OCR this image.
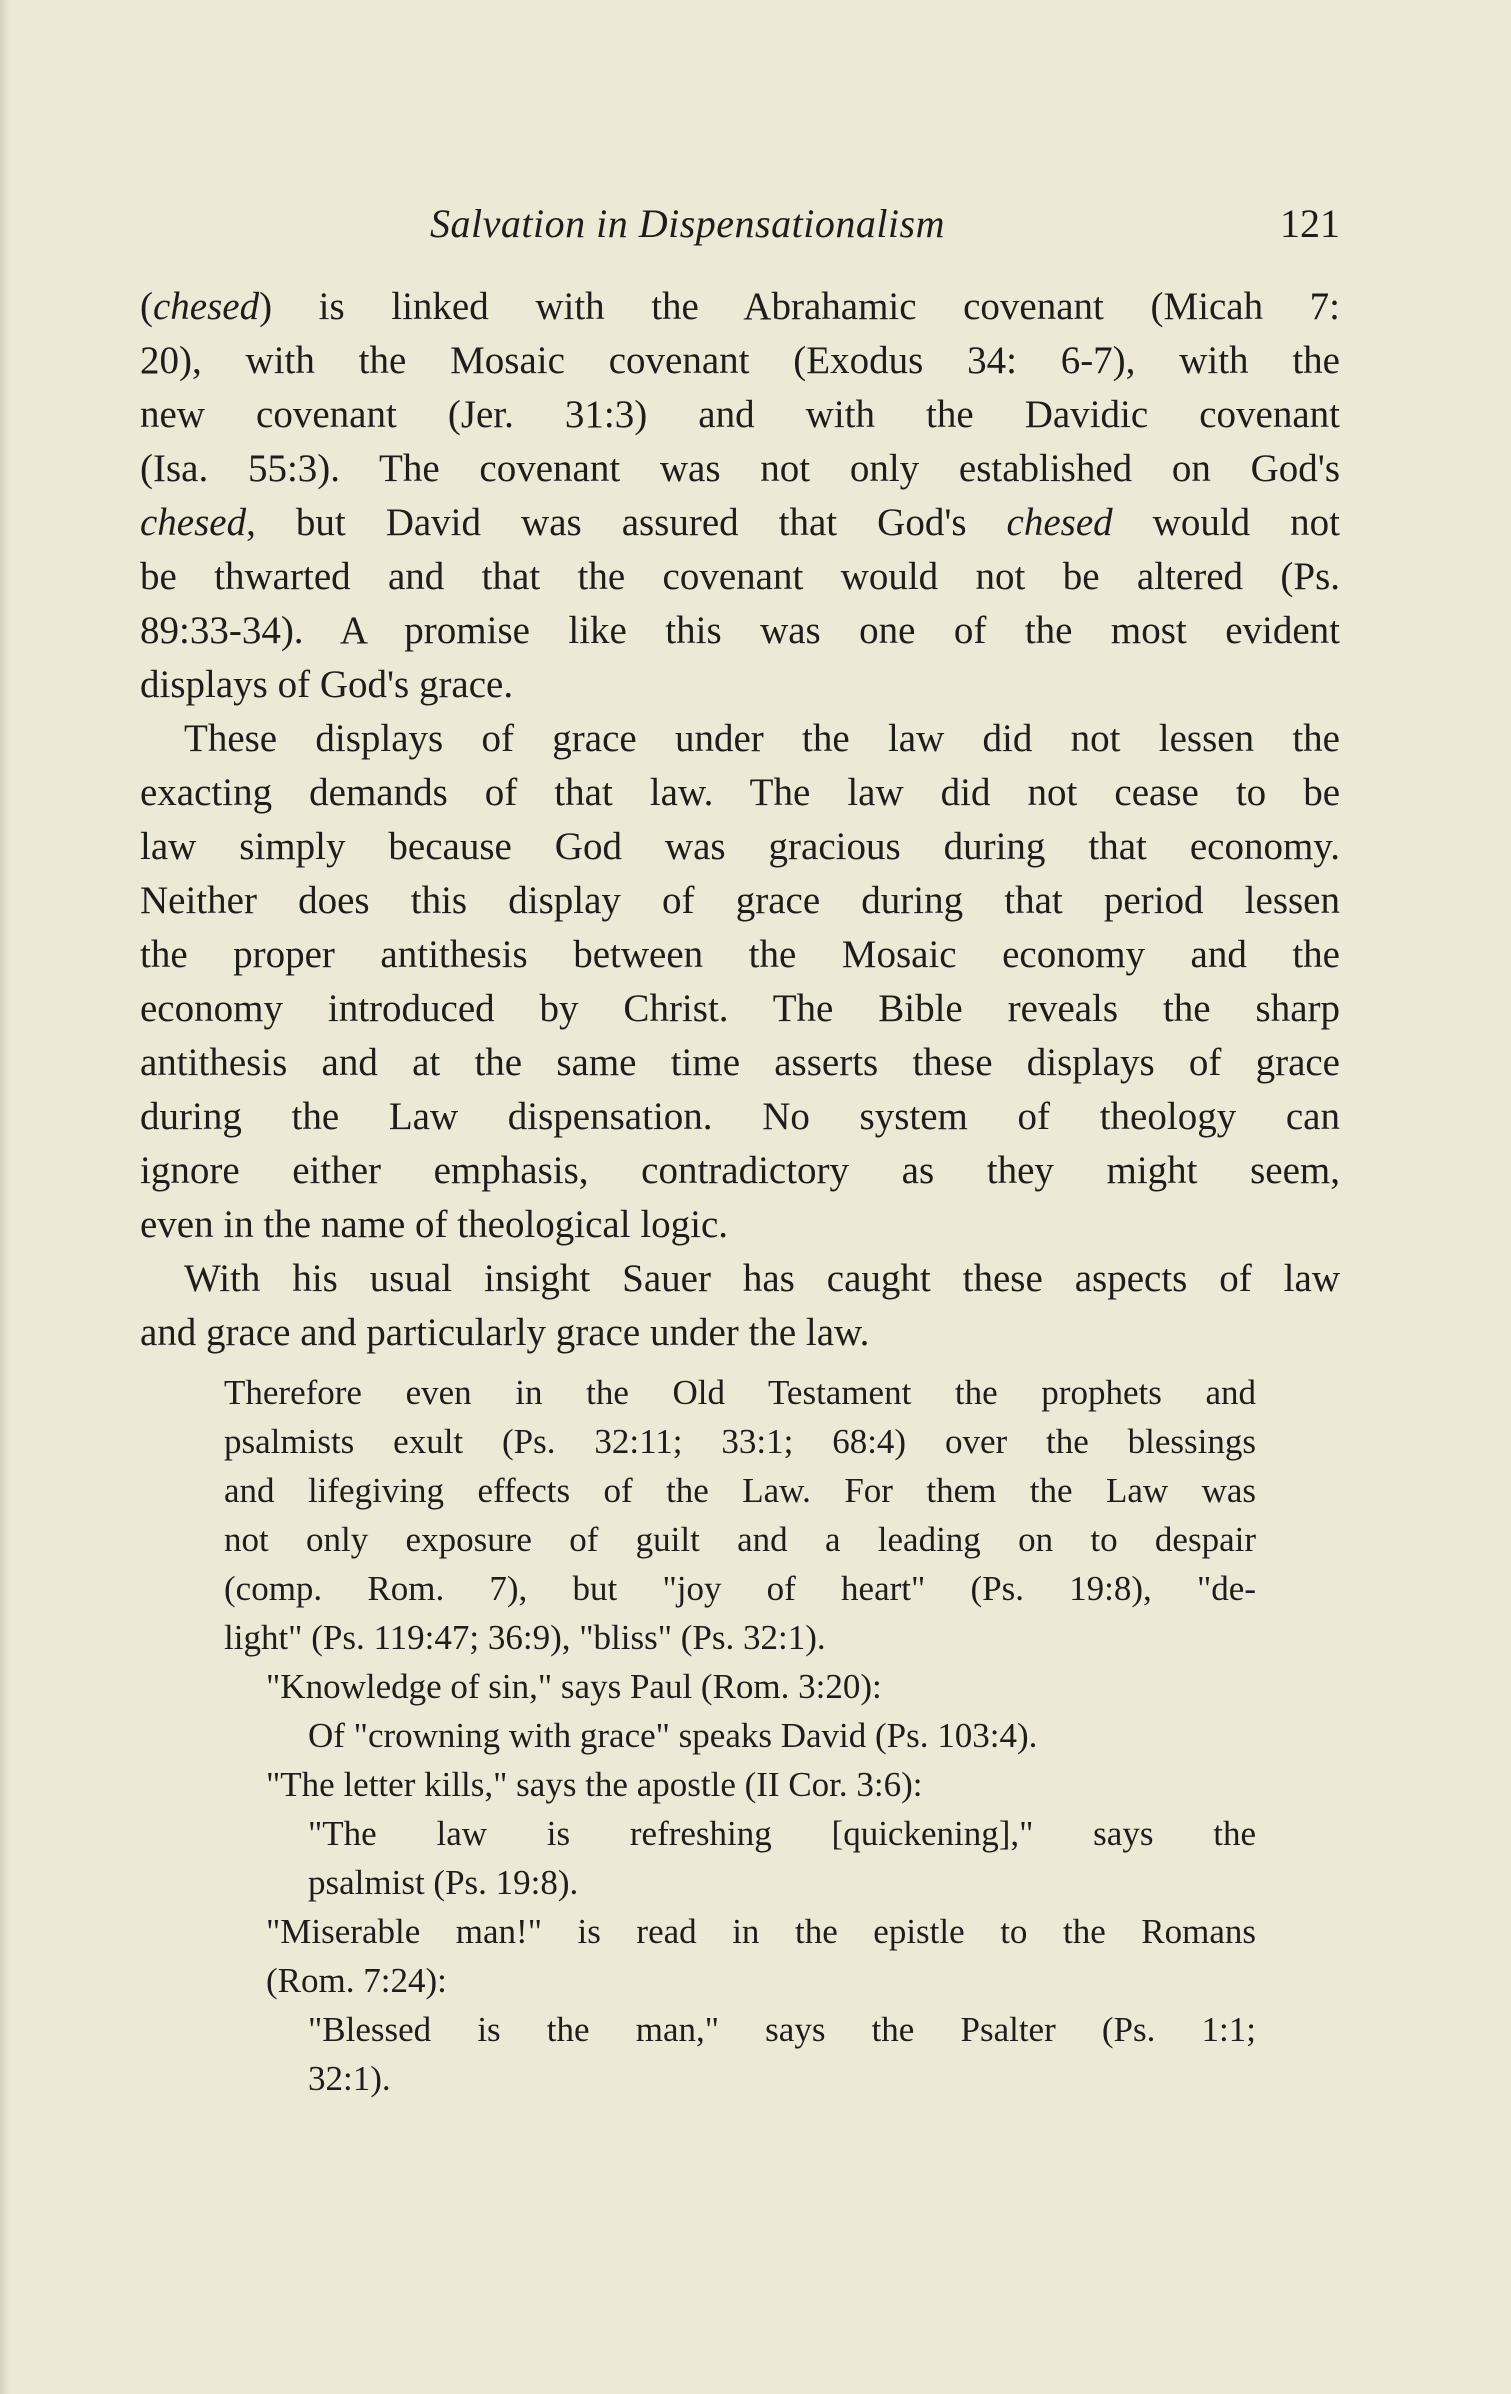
Salvation in Dispensationalism	121

(chesed) is linked with the Abrahamic covenant (Micah 7:
20), with the Mosaic covenant (Exodus 34: 6-7), with the
new covenant (Jer. 31:3) and with the Davidic covenant
(Isa. 55:3). The covenant was not only established on God's
chesed, but David was assured that God's chesed would not
be thwarted and that the covenant would not be altered (Ps.
89:33-34). A promise like this was one of the most evident
displays of God's grace.

These displays of grace under the law did not lessen the
exacting demands of that law. The law did not cease to be
law simply because God was gracious during that economy.
Neither does this display of grace during that period lessen
the proper antithesis between the Mosaic economy and the
economy introduced by Christ. The Bible reveals the sharp
antithesis and at the same time asserts these displays of grace
during the Law dispensation. No system of theology can
ignore either emphasis, contradictory as they might seem,
even in the name of theological logic.

With his usual insight Sauer has caught these aspects of law
and grace and particularly grace under the law.

Therefore even in the Old Testament the prophets and
psalmists exult (Ps. 32:11; 33:1; 68:4) over the blessings
and lifegiving effects of the Law. For them the Law was
not only exposure of guilt and a leading on to despair
(comp. Rom. 7), but "joy of heart" (Ps. 19:8), "de-
light" (Ps. 119:47; 36:9), "bliss" (Ps. 32:1).

"Knowledge of sin," says Paul (Rom. 3:20):
Of "crowning with grace" speaks David (Ps. 103:4).
"The letter kills," says the apostle (II Cor. 3:6):
"The law is refreshing [quickening]," says the
psalmist (Ps. 19:8).
"Miserable man!" is read in the epistle to the Romans
(Rom. 7:24):
"Blessed is the man," says the Psalter (Ps. 1:1;
32:1).
